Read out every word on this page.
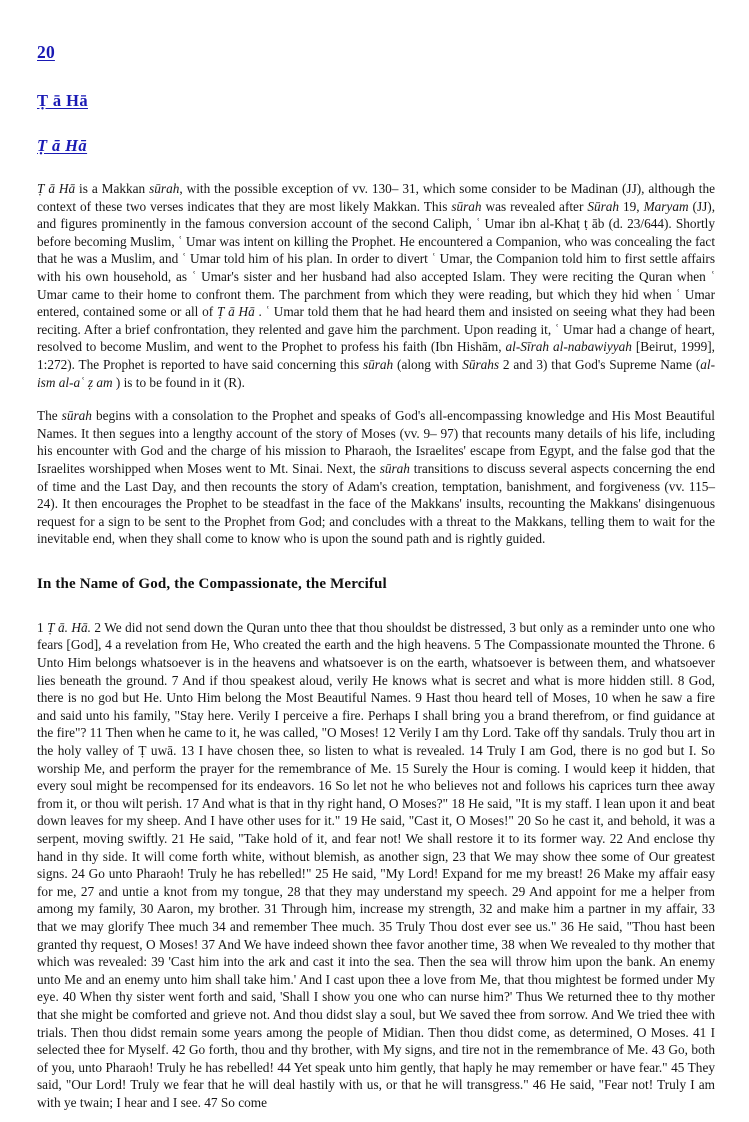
20
Ṭ ā Hā
Ṭ ā Hā

Ṭ ā Hā is a Makkan sūrah, with the possible exception of vv. 130– 31, which some consider to be Madinan (JJ), although the context of these two verses indicates that they are most likely Makkan. This sūrah was revealed after Sūrah 19, Maryam (JJ), and figures prominently in the famous conversion account of the second Caliph, ʿ Umar ibn al-Khaṭ ṭ āb (d. 23/644). Shortly before becoming Muslim, ʿ Umar was intent on killing the Prophet. He encountered a Companion, who was concealing the fact that he was a Muslim, and ʿ Umar told him of his plan. In order to divert ʿ Umar, the Companion told him to first settle affairs with his own household, as ʿ Umar's sister and her husband had also accepted Islam. They were reciting the Quran when ʿ Umar came to their home to confront them. The parchment from which they were reading, but which they hid when ʿ Umar entered, contained some or all of Ṭ ā Hā . ʿ Umar told them that he had heard them and insisted on seeing what they had been reciting. After a brief confrontation, they relented and gave him the parchment. Upon reading it, ʿ Umar had a change of heart, resolved to become Muslim, and went to the Prophet to profess his faith (Ibn Hishām, al-Sīrah al-nabawiyyah [Beirut, 1999], 1:272). The Prophet is reported to have said concerning this sūrah (along with Sūrahs 2 and 3) that God's Supreme Name (al-ism al-aʿ ẓ am ) is to be found in it (R).

The sūrah begins with a consolation to the Prophet and speaks of God's all-encompassing knowledge and His Most Beautiful Names. It then segues into a lengthy account of the story of Moses (vv. 9– 97) that recounts many details of his life, including his encounter with God and the charge of his mission to Pharaoh, the Israelites' escape from Egypt, and the false god that the Israelites worshipped when Moses went to Mt. Sinai. Next, the sūrah transitions to discuss several aspects concerning the end of time and the Last Day, and then recounts the story of Adam's creation, temptation, banishment, and forgiveness (vv. 115– 24). It then encourages the Prophet to be steadfast in the face of the Makkans' insults, recounting the Makkans' disingenuous request for a sign to be sent to the Prophet from God; and concludes with a threat to the Makkans, telling them to wait for the inevitable end, when they shall come to know who is upon the sound path and is rightly guided.

In the Name of God, the Compassionate, the Merciful

1 Ṭ ā. Hā. 2 We did not send down the Quran unto thee that thou shouldst be distressed, 3 but only as a reminder unto one who fears [God], 4 a revelation from He, Who created the earth and the high heavens. 5 The Compassionate mounted the Throne. 6 Unto Him belongs whatsoever is in the heavens and whatsoever is on the earth, whatsoever is between them, and whatsoever lies beneath the ground. 7 And if thou speakest aloud, verily He knows what is secret and what is more hidden still. 8 God, there is no god but He. Unto Him belong the Most Beautiful Names. 9 Hast thou heard tell of Moses, 10 when he saw a fire and said unto his family, "Stay here. Verily I perceive a fire. Perhaps I shall bring you a brand therefrom, or find guidance at the fire"? 11 Then when he came to it, he was called, "O Moses! 12 Verily I am thy Lord. Take off thy sandals. Truly thou art in the holy valley of Ṭ uwā. 13 I have chosen thee, so listen to what is revealed. 14 Truly I am God, there is no god but I. So worship Me, and perform the prayer for the remembrance of Me. 15 Surely the Hour is coming. I would keep it hidden, that every soul might be recompensed for its endeavors. 16 So let not he who believes not and follows his caprices turn thee away from it, or thou wilt perish. 17 And what is that in thy right hand, O Moses?" 18 He said, "It is my staff. I lean upon it and beat down leaves for my sheep. And I have other uses for it." 19 He said, "Cast it, O Moses!" 20 So he cast it, and behold, it was a serpent, moving swiftly. 21 He said, "Take hold of it, and fear not! We shall restore it to its former way. 22 And enclose thy hand in thy side. It will come forth white, without blemish, as another sign, 23 that We may show thee some of Our greatest signs. 24 Go unto Pharaoh! Truly he has rebelled!" 25 He said, "My Lord! Expand for me my breast! 26 Make my affair easy for me, 27 and untie a knot from my tongue, 28 that they may understand my speech. 29 And appoint for me a helper from among my family, 30 Aaron, my brother. 31 Through him, increase my strength, 32 and make him a partner in my affair, 33 that we may glorify Thee much 34 and remember Thee much. 35 Truly Thou dost ever see us." 36 He said, "Thou hast been granted thy request, O Moses! 37 And We have indeed shown thee favor another time, 38 when We revealed to thy mother that which was revealed: 39 'Cast him into the ark and cast it into the sea. Then the sea will throw him upon the bank. An enemy unto Me and an enemy unto him shall take him.' And I cast upon thee a love from Me, that thou mightest be formed under My eye. 40 When thy sister went forth and said, 'Shall I show you one who can nurse him?' Thus We returned thee to thy mother that she might be comforted and grieve not. And thou didst slay a soul, but We saved thee from sorrow. And We tried thee with trials. Then thou didst remain some years among the people of Midian. Then thou didst come, as determined, O Moses. 41 I selected thee for Myself. 42 Go forth, thou and thy brother, with My signs, and tire not in the remembrance of Me. 43 Go, both of you, unto Pharaoh! Truly he has rebelled! 44 Yet speak unto him gently, that haply he may remember or have fear." 45 They said, "Our Lord! Truly we fear that he will deal hastily with us, or that he will transgress." 46 He said, "Fear not! Truly I am with ye twain; I hear and I see. 47 So come
